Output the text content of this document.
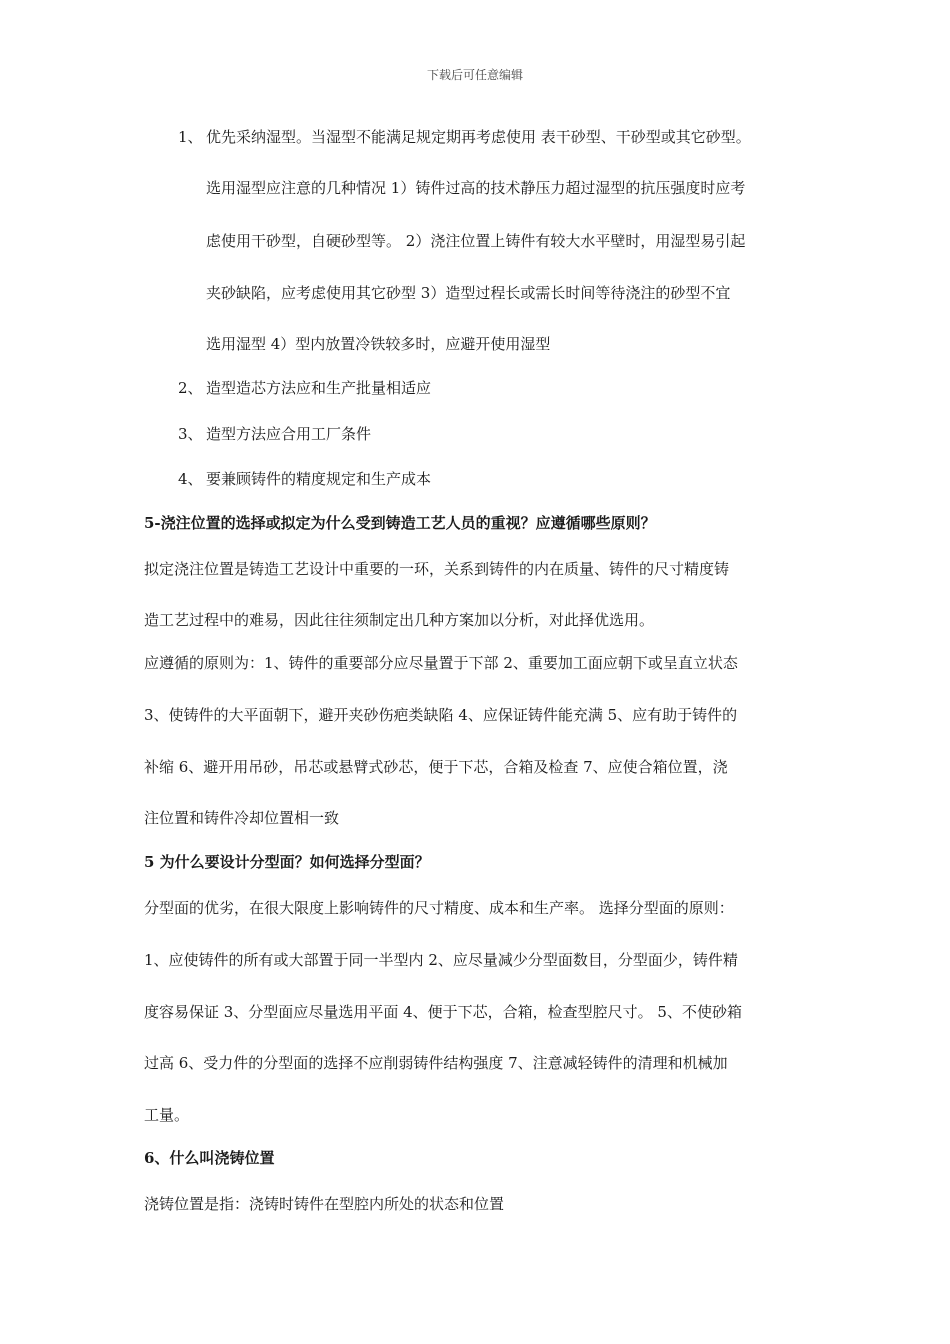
下载后可任意编辑
1、 优先采纳湿型。当湿型不能满足规定期再考虑使用 表干砂型、干砂型或其它砂型。
选用湿型应注意的几种情况 1）铸件过高的技术静压力超过湿型的抗压强度时应考
虑使用干砂型，自硬砂型等。 2）浇注位置上铸件有较大水平壁时，用湿型易引起
夹砂缺陷，应考虑使用其它砂型 3）造型过程长或需长时间等待浇注的砂型不宜
选用湿型 4）型内放置冷铁较多时，应避开使用湿型
2、 造型造芯方法应和生产批量相适应
3、 造型方法应合用工厂条件
4、 要兼顾铸件的精度规定和生产成本
5-浇注位置的选择或拟定为什么受到铸造工艺人员的重视？应遵循哪些原则？
拟定浇注位置是铸造工艺设计中重要的一环，关系到铸件的内在质量、铸件的尺寸精度铸
造工艺过程中的难易，因此往往须制定出几种方案加以分析，对此择优选用。
应遵循的原则为：1、铸件的重要部分应尽量置于下部 2、重要加工面应朝下或呈直立状态
3、使铸件的大平面朝下，避开夹砂伤疤类缺陷 4、应保证铸件能充满 5、应有助于铸件的
补缩 6、避开用吊砂，吊芯或悬臂式砂芯，便于下芯，合箱及检查 7、应使合箱位置，浇
注位置和铸件冷却位置相一致
5 为什么要设计分型面？如何选择分型面？
分型面的优劣，在很大限度上影响铸件的尺寸精度、成本和生产率。 选择分型面的原则：
1、应使铸件的所有或大部置于同一半型内 2、应尽量减少分型面数目，分型面少，铸件精
度容易保证 3、分型面应尽量选用平面 4、便于下芯，合箱，检查型腔尺寸。 5、不使砂箱
过高 6、受力件的分型面的选择不应削弱铸件结构强度 7、注意减轻铸件的清理和机械加
工量。
6、什么叫浇铸位置
浇铸位置是指：浇铸时铸件在型腔内所处的状态和位置
